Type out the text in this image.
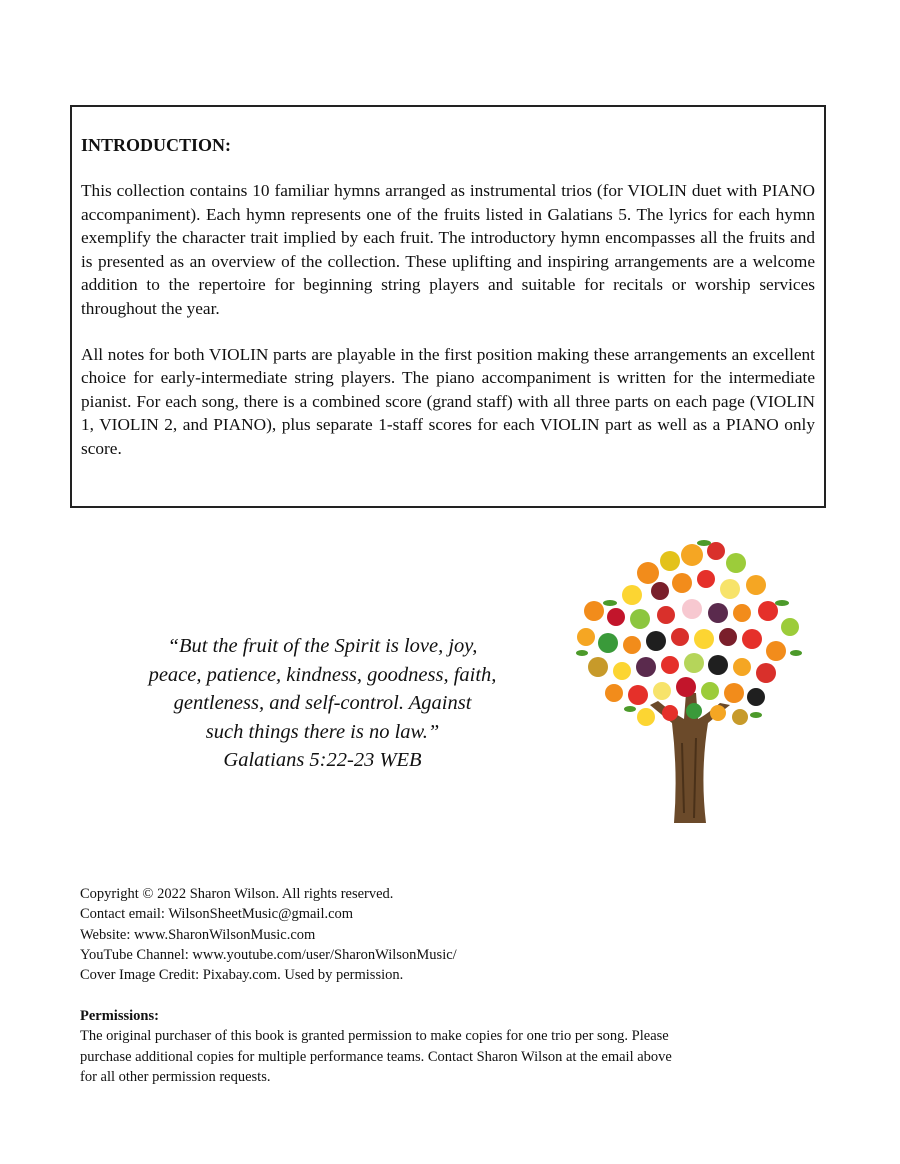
INTRODUCTION:

This collection contains 10 familiar hymns arranged as instrumental trios (for VIOLIN duet with PIANO accompaniment). Each hymn represents one of the fruits listed in Galatians 5. The lyrics for each hymn exemplify the character trait implied by each fruit. The introductory hymn encompasses all the fruits and is presented as an overview of the collection. These uplifting and inspiring arrangements are a welcome addition to the repertoire for beginning string players and suitable for recitals or worship services throughout the year.

All notes for both VIOLIN parts are playable in the first position making these arrangements an excellent choice for early-intermediate string players. The piano accompaniment is written for the intermediate pianist. For each song, there is a combined score (grand staff) with all three parts on each page (VIOLIN 1, VIOLIN 2, and PIANO), plus separate 1-staff scores for each VIOLIN part as well as a PIANO only score.

“But the fruit of the Spirit is love, joy,
peace, patience, kindness, goodness, faith,
gentleness, and self-control. Against
such things there is no law.”
Galatians 5:22-23 WEB
Copyright © 2022 Sharon Wilson. All rights reserved.
Contact email: WilsonSheetMusic@gmail.com
Website: www.SharonWilsonMusic.com
YouTube Channel: www.youtube.com/user/SharonWilsonMusic/
Cover Image Credit: Pixabay.com. Used by permission.
Permissions:
The original purchaser of this book is granted permission to make copies for one trio per song. Please
purchase additional copies for multiple performance teams. Contact Sharon Wilson at the email above
for all other permission requests.
